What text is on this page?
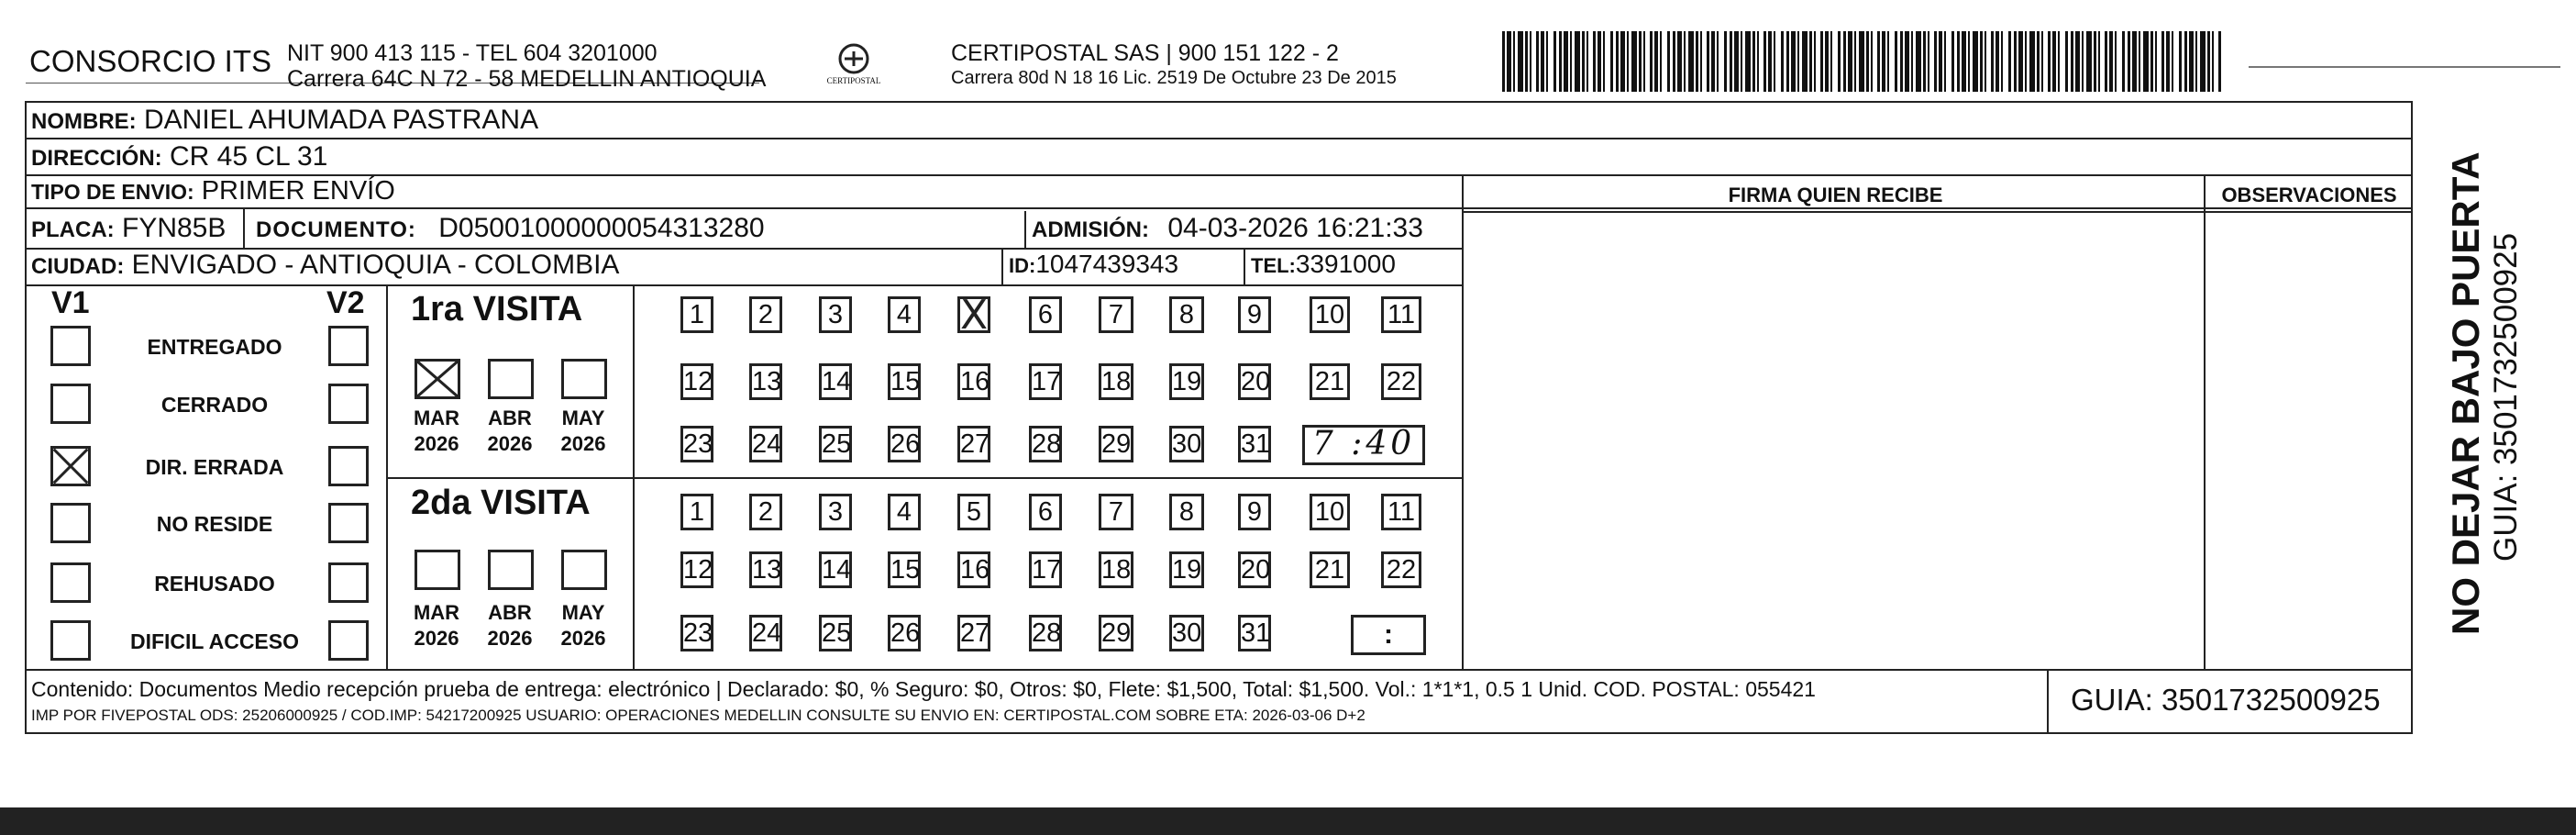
CONSORCIO ITS NIT 900 413 115 - TEL 604 3201000
Carrera 64C N 72 - 58 MEDELLIN ANTIOQUIA	CERTIPOSTAL
CERTIPOSTAL SAS | 900 151 122 - 2
Carrera 80d N 18 16 Lic. 2519 De Octubre 23 De 2015
NOMBRE: DANIEL AHUMADA PASTRANA
DIRECCIÓN: CR 45 CL 31
TIPO DE ENVIO: PRIMER ENVÍO	FIRMA QUIEN RECIBE	OBSERVACIONES
PLACA: FYN85B DOCUMENTO: D05001000000054313280	ADMISIÓN: 04-03-2026 16:21:33
CIUDAD: ENVIGADO - ANTIOQUIA - COLOMBIA	ID:1047439343	TEL:3391000
V1	V2
ENTREGADO
CERRADO
DIR. ERRADA
NO RESIDE
REHUSADO
DIFICIL ACCESO
1ra VISITA
2da VISITA
MAR
2026
ABR
2026
MAY
2026
MAR
2026
ABR
2026
MAY
2026
1	2	3	4
X	6	7	8	9	10 11
12 13 14 15 16 17 18 19 20 21 22
23 24 25 26 27 28 29 30 31
1	2	3	4	5	6	7	8	9	10 11
12 13 14 15 16 17 18 19 20 21 22
23 24 25 26 27 28 29 30 31
7 :40
:
Contenido: Documentos Medio recepción prueba de entrega: electrónico | Declarado: $0, % Seguro: $0, Otros: $0, Flete: $1,500, Total: $1,500. Vol.: 1*1*1, 0.5 1 Unid. COD. POSTAL: 055421
IMP POR FIVEPOSTAL ODS: 25206000925 / COD.IMP: 54217200925 USUARIO: OPERACIONES MEDELLIN CONSULTE SU ENVIO EN: CERTIPOSTAL.COM SOBRE ETA: 2026-03-06 D+2	GUIA: 3501732500925
NO DEJAR BAJO PUERTA GUIA: 3501732500925
